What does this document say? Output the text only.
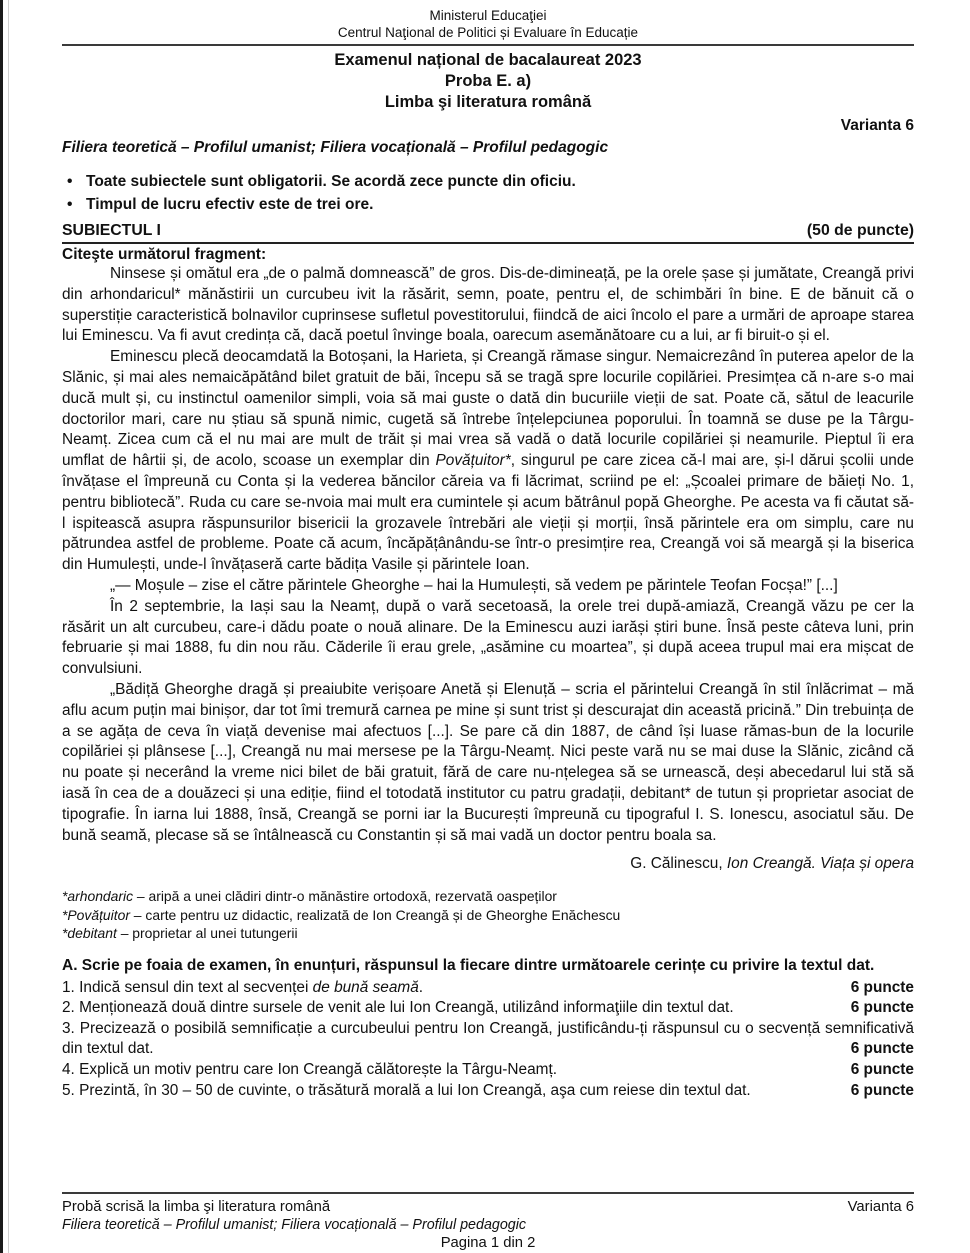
Ministerul Educaţiei
Centrul Naţional de Politici și Evaluare în Educație
Examenul național de bacalaureat 2023
Proba E. a)
Limba şi literatura română
Varianta 6
Filiera teoretică – Profilul umanist; Filiera vocațională – Profilul pedagogic
• Toate subiectele sunt obligatorii. Se acordă zece puncte din oficiu.
• Timpul de lucru efectiv este de trei ore.
SUBIECTUL I	(50 de puncte)
Citeşte următorul fragment:

Ninsese și omătul era „de o palmă domnească” de gros. Dis-de-dimineață, pe la orele șase și jumătate, Creangă privi din arhondaricul* mănăstirii un curcubeu ivit la răsărit, semn, poate, pentru el, de schimbări în bine. E de bănuit că o superstiție caracteristică bolnavilor cuprinsese sufletul povestitorului, fiindcă de aici încolo el pare a urmări de aproape starea lui Eminescu. Va fi avut credința că, dacă poetul învinge boala, oarecum asemănătoare cu a lui, ar fi biruit-o și el.

Eminescu plecă deocamdată la Botoșani, la Harieta, și Creangă rămase singur. Nemaicrezând în puterea apelor de la Slănic, și mai ales nemaicăpătând bilet gratuit de băi, începu să se tragă spre locurile copilăriei. Presimțea că n-are s-o mai ducă mult și, cu instinctul oamenilor simpli, voia să mai guste o dată din bucuriile vieții de sat. Poate că, sătul de leacurile doctorilor mari, care nu știau să spună nimic, cugetă să întrebe înțelepciunea poporului. În toamnă se duse pe la Târgu-Neamț. Zicea cum că el nu mai are mult de trăit și mai vrea să vadă o dată locurile copilăriei și neamurile. Pieptul îi era umflat de hârtii și, de acolo, scoase un exemplar din Povățuitor*, singurul pe care zicea că-l mai are, și-l dărui școlii unde învățase el împreună cu Conta și la vederea băncilor căreia va fi lăcrimat, scriind pe el: „Școalei primare de băieți No. 1, pentru bibliotecă”. Ruda cu care se-nvoia mai mult era cumintele și acum bătrânul popă Gheorghe. Pe acesta va fi căutat să-l ispitească asupra răspunsurilor bisericii la grozavele întrebări ale vieții și morții, însă părintele era om simplu, care nu pătrundea astfel de probleme. Poate că acum, încăpățânându-se într-o presimțire rea, Creangă voi să meargă și la biserica din Humulești, unde-l învățaseră carte bădița Vasile și părintele Ioan.

„— Moșule – zise el către părintele Gheorghe – hai la Humulești, să vedem pe părintele Teofan Focșa!” [...]

În 2 septembrie, la Iași sau la Neamț, după o vară secetoasă, la orele trei după-amiază, Creangă văzu pe cer la răsărit un alt curcubeu, care-i dădu poate o nouă alinare. De la Eminescu auzi iarăși știri bune. Însă peste câteva luni, prin februarie și mai 1888, fu din nou rău. Căderile îi erau grele, „asămine cu moartea”, și după aceea trupul mai era mișcat de convulsiuni.

„Bădiță Gheorghe dragă și preaiubite verișoare Anetă și Elenuță – scria el părintelui Creangă în stil înlăcrimat – mă aflu acum puțin mai binișor, dar tot îmi tremură carnea pe mine și sunt trist și descurajat din această pricină.” Din trebuința de a se agăța de ceva în viață devenise mai afectuos [...]. Se pare că din 1887, de când își luase rămas-bun de la locurile copilăriei și plânsese [...], Creangă nu mai mersese pe la Târgu-Neamț. Nici peste vară nu se mai duse la Slănic, zicând că nu poate și necerând la vreme nici bilet de băi gratuit, fără de care nu-nțelegea să se urnească, deși abecedarul lui stă să iasă în cea de a douăzeci și una ediție, fiind el totodată institutor cu patru gradații, debitant* de tutun și proprietar asociat de tipografie. În iarna lui 1888, însă, Creangă se porni iar la București împreună cu tipograful I. S. Ionescu, asociatul său. De bună seamă, plecase să se întâlnească cu Constantin și să mai vadă un doctor pentru boala sa.

G. Călinescu, Ion Creangă. Viața și opera
*arhondaric – aripă a unei clădiri dintr-o mănăstire ortodoxă, rezervată oaspeților
*Povățuitor – carte pentru uz didactic, realizată de Ion Creangă și de Gheorghe Enăchescu
*debitant – proprietar al unei tutungerii
A. Scrie pe foaia de examen, în enunțuri, răspunsul la fiecare dintre următoarele cerințe cu privire la textul dat.
1. Indică sensul din text al secvenței de bună seamă.	6 puncte
2. Menționează două dintre sursele de venit ale lui Ion Creangă, utilizând informaţiile din textul dat.	6 puncte
3. Precizează o posibilă semnificație a curcubeului pentru Ion Creangă, justificându-ți răspunsul cu o secvență semnificativă din textul dat.	6 puncte
4. Explică un motiv pentru care Ion Creangă călătorește la Târgu-Neamț.	6 puncte
5. Prezintă, în 30 – 50 de cuvinte, o trăsătură morală a lui Ion Creangă, aşa cum reiese din textul dat.	6 puncte
Probă scrisă la limba şi literatura română	Varianta 6
Filiera teoretică – Profilul umanist; Filiera vocațională – Profilul pedagogic
Pagina 1 din 2
